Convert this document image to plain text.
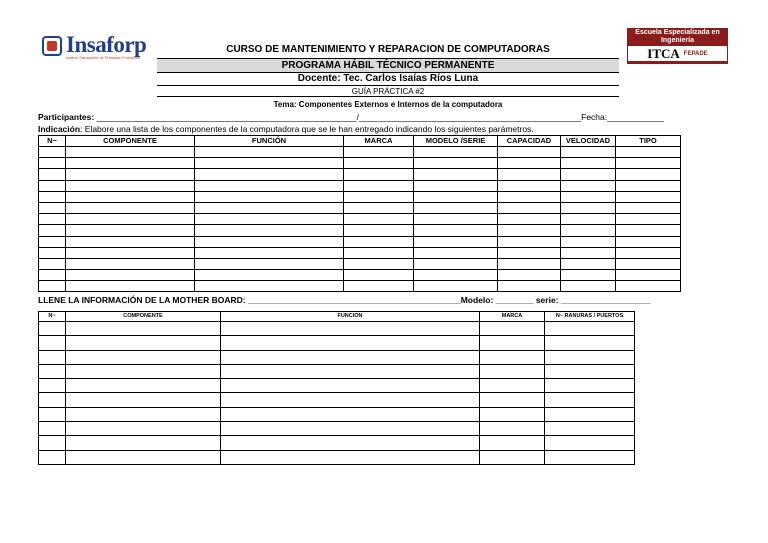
Insaforp
Instituto Salvadoreño de Formación Profesional
Escuela Especializada en Ingeniería
ITCA FEPADE
CURSO DE MANTENIMIENTO Y REPARACION DE COMPUTADORAS
PROGRAMA HÁBIL TÉCNICO PERMANENTE
Docente: Tec. Carlos Isaías Ríos Luna
GUÍA PRÁCTICA #2
Tema: Componentes Externos e Internos de la computadora
Participantes: _______________________________________________________/_______________________________________________Fecha:____________
Indicación: Elabore una lista de los componentes de la computadora que se le han entregado indicando los siguientes parámetros.
N~	COMPONENTE	FUNCIÓN	MARCA	MODELO /SERIE	CAPACIDAD	VELOCIDAD	TIPO

LLENE LA INFORMACIÓN DE LA MOTHER BOARD: _____________________________________________Modelo: ________ serie: ___________________
N~	COMPONENTE	FUNCION	MARCA	N~ RANURAS / PUERTOS
